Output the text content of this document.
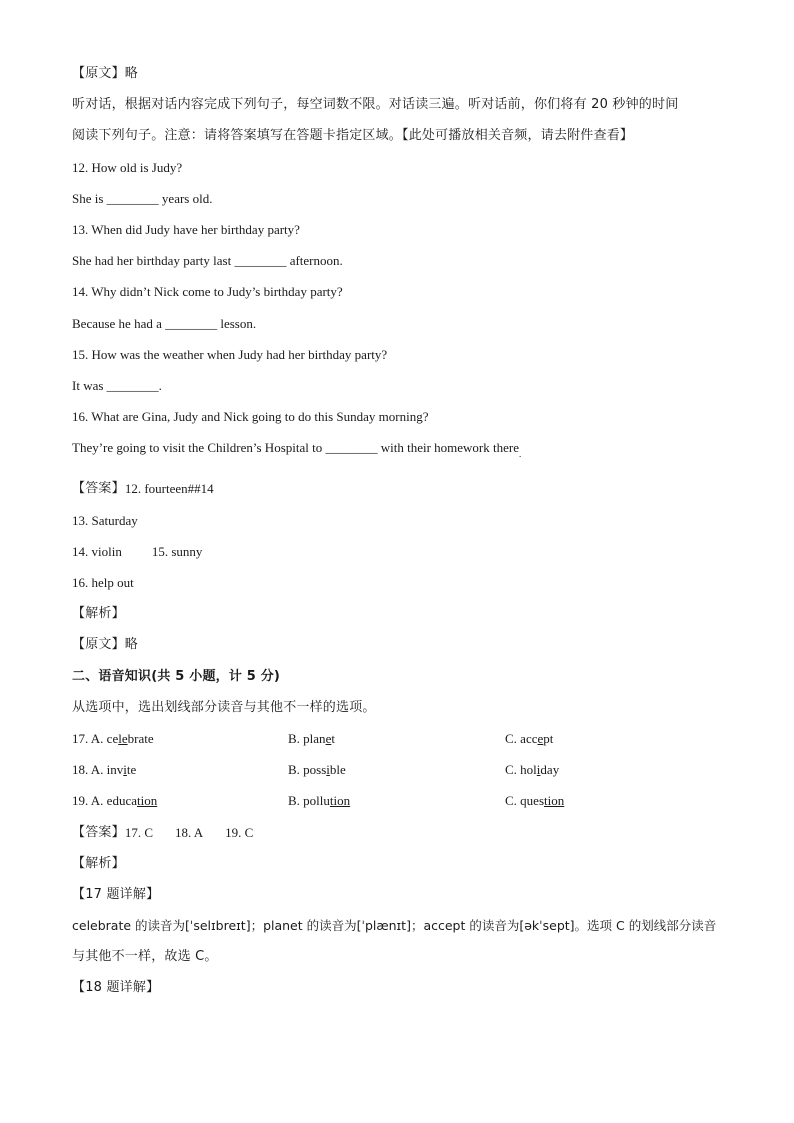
【原文】略
听对话，根据对话内容完成下列句子，每空词数不限。对话读三遍。听对话前，你们将有 20 秒钟的时间
阅读下列句子。注意：请将答案填写在答题卡指定区域。【此处可播放相关音频，请去附件查看】
12. How old is Judy?
She is ________ years old.
13. When did Judy have her birthday party?
She had her birthday party last ________ afternoon.
14. Why didn’t Nick come to Judy’s birthday party?
Because he had a ________ lesson.
15. How was the weather when Judy had her birthday party?
It was ________.
16. What are Gina, Judy and Nick going to do this Sunday morning?
They’re going to visit the Children’s Hospital to ________ with their homework there .
【答案】 12. fourteen##14
13. Saturday
14. violin 15. sunny
16. help out
【解析】
【原文】略
二、语音知识(共 5 小题，计 5 分)
从选项中，选出划线部分读音与其他不一样的选项。
17. A. celebrate	B. planet	C. accept
18. A. invite	B. possible	C. holiday
19. A. education	B. pollution	C. question
【答案】 17. C 18. A 19. C
【解析】
【17 题详解】
celebrate 的读音为[ˈselɪbreɪt]；planet 的读音为[ˈplænɪt]；accept 的读音为[əkˈsept]。选项 C 的划线部分读音
与其他不一样，故选 C。
【18 题详解】
